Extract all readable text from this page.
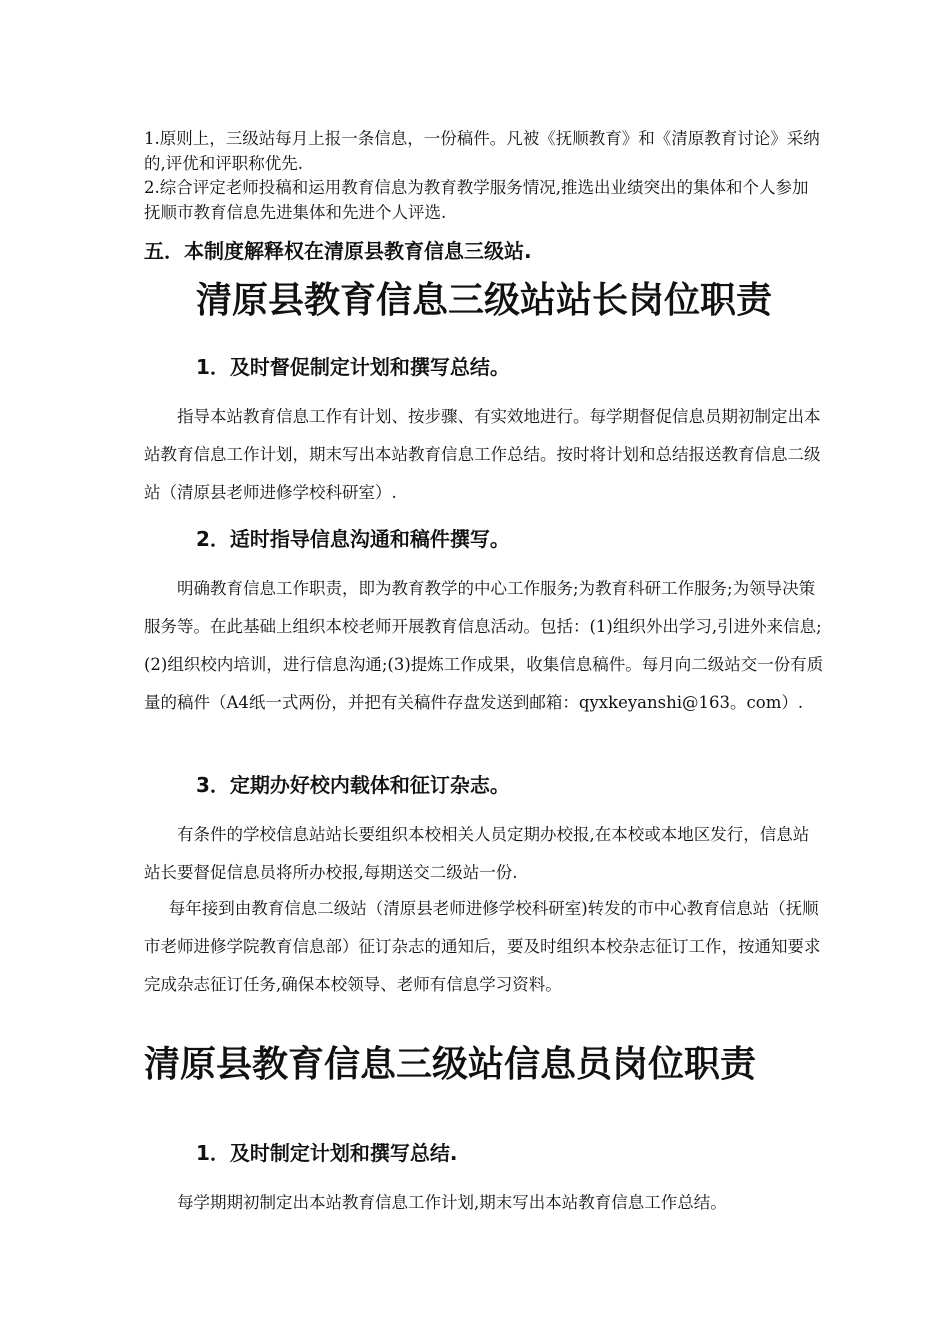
1.原则上，三级站每月上报一条信息，一份稿件。凡被《抚顺教育》和《清原教育讨论》采纳的,评优和评职称优先.

2.综合评定老师投稿和运用教育信息为教育教学服务情况,推选出业绩突出的集体和个人参加抚顺市教育信息先进集体和先进个人评选.

五．本制度解释权在清原县教育信息三级站.

清原县教育信息三级站站长岗位职责

1．及时督促制定计划和撰写总结。

指导本站教育信息工作有计划、按步骤、有实效地进行。每学期督促信息员期初制定出本站教育信息工作计划，期末写出本站教育信息工作总结。按时将计划和总结报送教育信息二级站（清原县老师进修学校科研室）.

2．适时指导信息沟通和稿件撰写。

明确教育信息工作职责，即为教育教学的中心工作服务;为教育科研工作服务;为领导决策服务等。在此基础上组织本校老师开展教育信息活动。包括：(1)组织外出学习,引进外来信息;(2)组织校内培训，进行信息沟通;(3)提炼工作成果，收集信息稿件。每月向二级站交一份有质量的稿件（A4纸一式两份，并把有关稿件存盘发送到邮箱：qyxkeyanshi@163。com）.

3．定期办好校内载体和征订杂志。

有条件的学校信息站站长要组织本校相关人员定期办校报,在本校或本地区发行，信息站站长要督促信息员将所办校报,每期送交二级站一份.

每年接到由教育信息二级站（清原县老师进修学校科研室)转发的市中心教育信息站（抚顺市老师进修学院教育信息部）征订杂志的通知后，要及时组织本校杂志征订工作，按通知要求完成杂志征订任务,确保本校领导、老师有信息学习资料。

清原县教育信息三级站信息员岗位职责

1．及时制定计划和撰写总结.

每学期期初制定出本站教育信息工作计划,期末写出本站教育信息工作总结。
